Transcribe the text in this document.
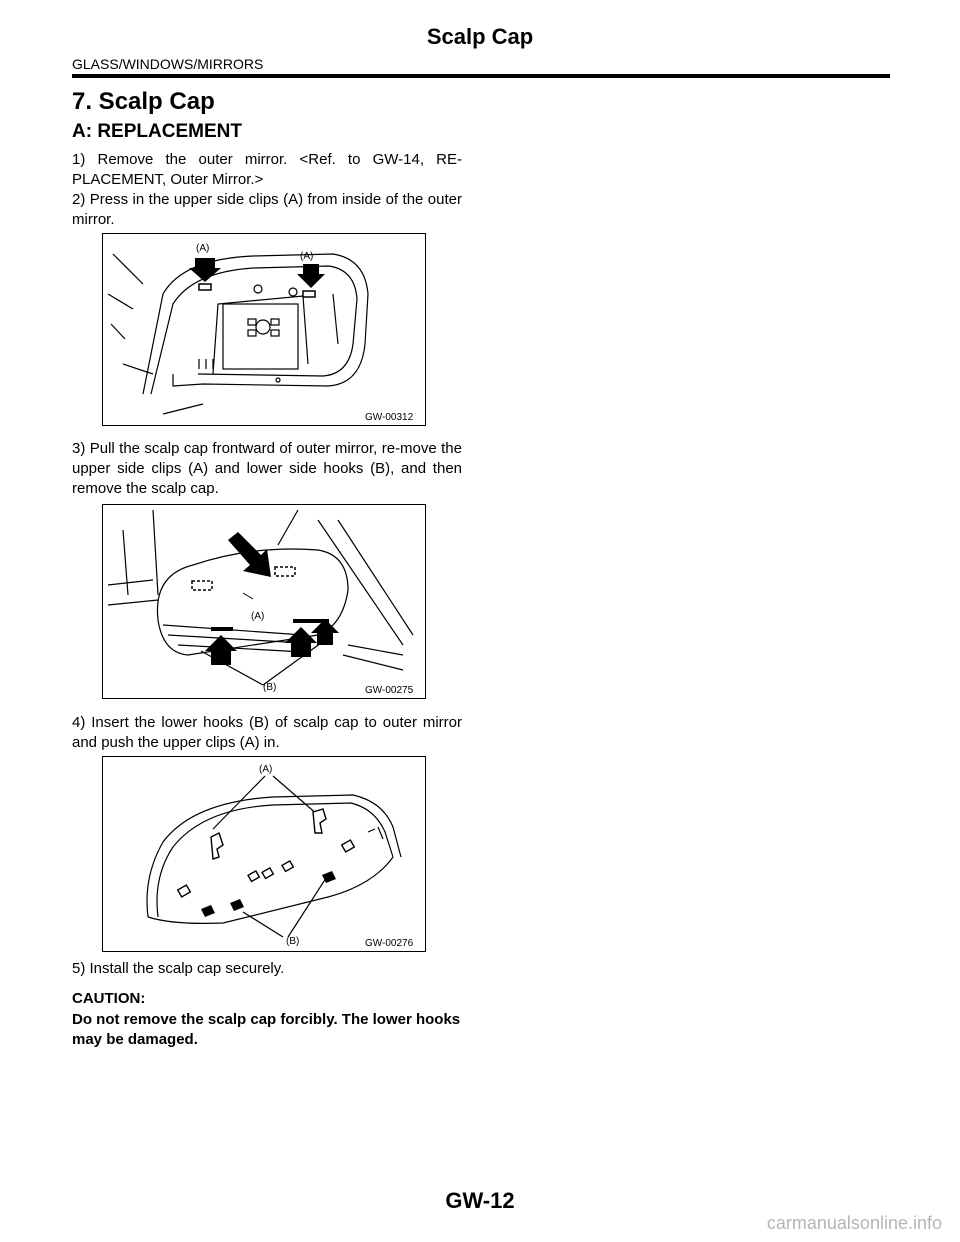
Scalp Cap
GLASS/WINDOWS/MIRRORS
7. Scalp Cap
A: REPLACEMENT
1) Remove the outer mirror. <Ref. to GW-14, RE-PLACEMENT, Outer Mirror.>
2) Press in the upper side clips (A) from inside of the outer mirror.
(A)
(A)
GW-00312
3) Pull the scalp cap frontward of outer mirror, re-move the upper side clips (A) and lower side hooks (B), and then remove the scalp cap.
(A)
(B)	GW-00275
4) Insert the lower hooks (B) of scalp cap to outer mirror and push the upper clips (A) in.
(A)
(B)	GW-00276
5) Install the scalp cap securely.
CAUTION:
Do not remove the scalp cap forcibly. The lower hooks may be damaged.
GW-12
carmanualsonline.info
